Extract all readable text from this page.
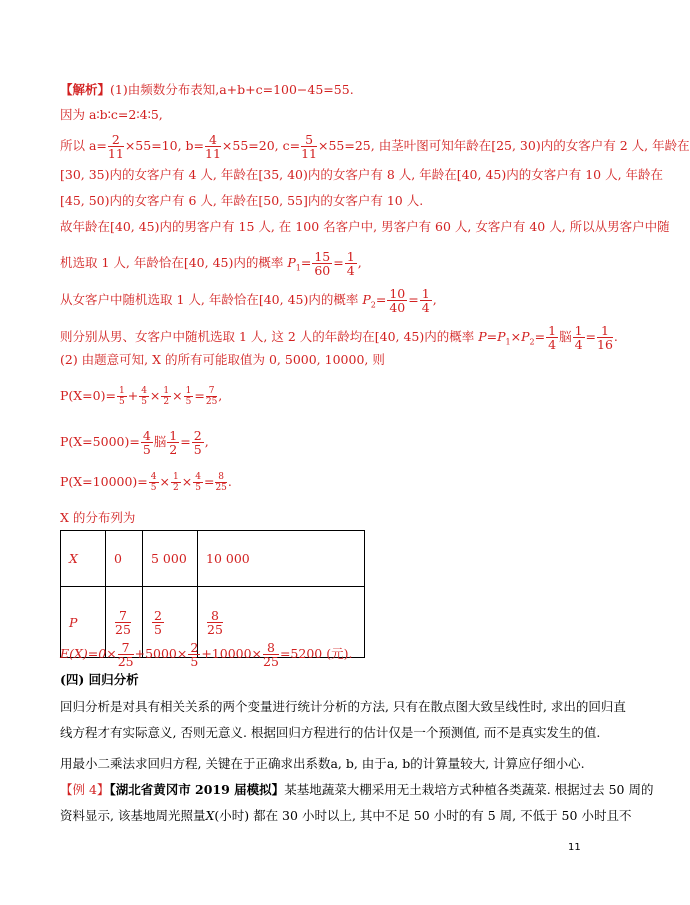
【解析】(1)由频数分布表知,a+b+c=100−45=55.
因为 a∶b∶c=2∶4∶5,
所以 $a= \frac{2}{11} \times 55=10$, $b= \frac{4}{11} \times 55=20$, $c= \frac{5}{11} \times 55=25$, 由茎叶图可知年龄在[25, 30)内的女客户有 2 人, 年龄在
[30, 35)内的女客户有 4 人, 年龄在[35, 40)内的女客户有 8 人, 年龄在[40, 45)内的女客户有 10 人, 年龄在
[45, 50)内的女客户有 6 人, 年龄在[50, 55]内的女客户有 10 人.
故年龄在[40, 45)内的男客户有 15 人, 在 100 名客户中, 男客户有 60 人, 女客户有 40 人, 所以从男客户中随
机选取 1 人, 年龄恰在[40, 45)内的概率 $P_1= \frac{15}{60} = \frac{1}{4}$ ,
从女客户中随机选取 1 人, 年龄恰在[40, 45)内的概率 $P_2= \frac{10}{40} = \frac{1}{4}$ ,
则分别从男、女客户中随机选取 1 人, 这 2 人的年龄均在[40, 45)内的概率 $P=P_1\times P_2= \frac{1}{4}$ 脳 $\frac{1}{4} = \frac{1}{16}$ .
(2) 由题意可知, X 的所有可能取值为 0, 5000, 10000, 则
$P(X=0)= \frac{1}{5} + \frac{4}{5} \times \frac{1}{2} \times \frac{1}{5} = \frac{7}{25}$ ,
$P(X=5000)= \frac{4}{5}$ 脳 $\frac{1}{2} = \frac{2}{5}$ ,
$P(X=10000)= \frac{4}{5} \times \frac{1}{2} \times \frac{4}{5} = \frac{8}{25}$ .
X 的分布列为
X	0	5 000	10 000
P	$\frac{7}{25}$	$\frac{2}{5}$	$\frac{8}{25}$
$E(X)=0\times \frac{7}{25} +5000\times \frac{2}{5} +10000\times \frac{8}{25} =5200$ (元).
(四) 回归分析
回归分析是对具有相关关系的两个变量进行统计分析的方法, 只有在散点图大致呈线性时, 求出的回归直
线方程才有实际意义, 否则无意义. 根据回归方程进行的估计仅是一个预测值, 而不是真实发生的值.
用最小二乘法求回归方程, 关键在于正确求出系数a, b, 由于a, b的计算量较大, 计算应仔细小心.
【例 4】【湖北省黄冈市 2019 届模拟】某基地蔬菜大棚采用无土栽培方式种植各类蔬菜. 根据过去 50 周的
资料显示, 该基地周光照量X(小时) 都在 30 小时以上, 其中不足 50 小时的有 5 周, 不低于 50 小时且不
11
